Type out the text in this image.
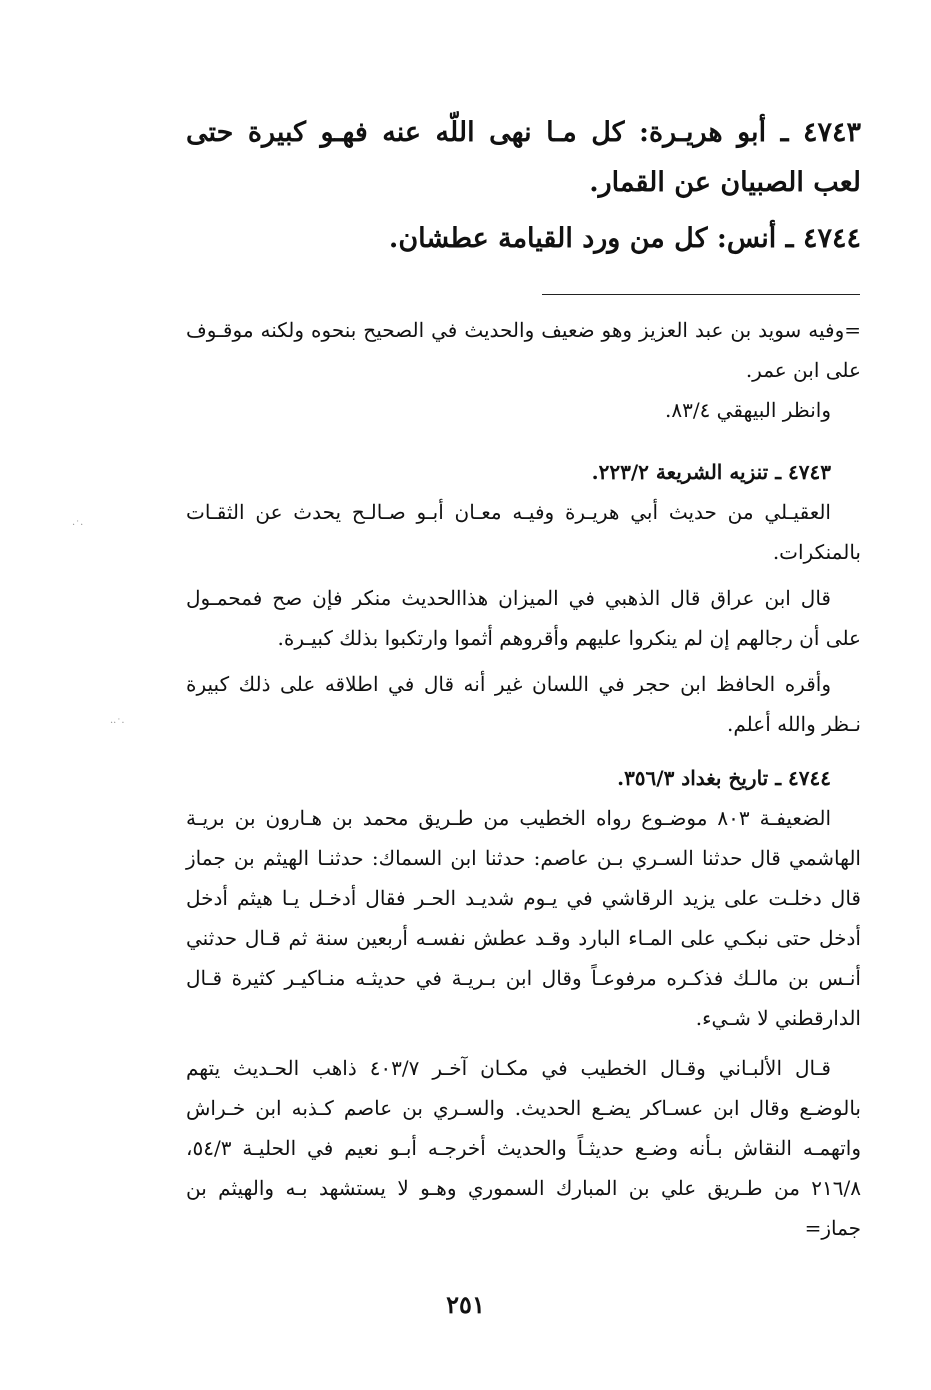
٤٧٤٣ ـ أبو هريـرة: كل مـا نهى اللّه عنه فهـو كبيرة حتى لعب الصبيان عن القمار.

٤٧٤٤ ـ أنس: كل من ورد القيامة عطشان.

=وفيه سويد بن عبد العزيز وهو ضعيف والحديث في الصحيح بنحوه ولكنه موقـوف على ابن عمر.

وانظر البيهقي ٨٣/٤.

٤٧٤٣ ـ تنزيه الشريعة ٢٢٣/٢.

العقيـلي من حديث أبي هريـرة وفيـه معـان أبـو صـالـح يحدث عن الثقـات بالمنكرات.

قال ابن عراق قال الذهبي في الميزان هذاالحديث منكر فإن صح فمحمـول على أن رجالهم إن لم ينكروا عليهم وأقروهم أثموا وارتكبوا بذلك كبيـرة.

وأقره الحافظ ابن حجر في اللسان غير أنه قال في اطلاقه على ذلك كبيرة نـظر والله أعلم.

٤٧٤٤ ـ تاريخ بغداد ٣٥٦/٣.

الضعيفـة ٨٠٣ موضـوع رواه الخطيب من طـريق محمد بن هـارون بن بريـة الهاشمي قال حدثنا السـري بـن عاصم: حدثنا ابن السماك: حدثنـا الهيثم بن جماز قال دخلـت على يزيد الرقاشي في يـوم شديـد الحـر فقال أدخـل يـا هيثم أدخل أدخل حتى نبكـي على المـاء البارد وقـد عطش نفسـه أربعين سنة ثم قـال حدثني أنـس بن مالـك فذكـره مرفوعـاً وقال ابن بـريـة في حديثـه منـاكيـر كثيرة قـال الدارقطني لا شـيء.

قـال الألبـاني وقـال الخطيب في مكـان آخـر ٤٠٣/٧ ذاهب الحـديث يتهم بالوضـع وقال ابن عسـاكر يضـع الحديث. والسـري بن عاصم كـذبه ابن خـراش واتهمـه النقاش بـأنه وضـع حديثـاً والحديث أخرجـه أبـو نعيم في الحليـة ٥٤/٣، ٢١٦/٨ من طـريق علي بن المبارك السموري وهـو لا يستشهد بـه والهيثم بن جماز=

٢٥١
·˙·
··˙·
